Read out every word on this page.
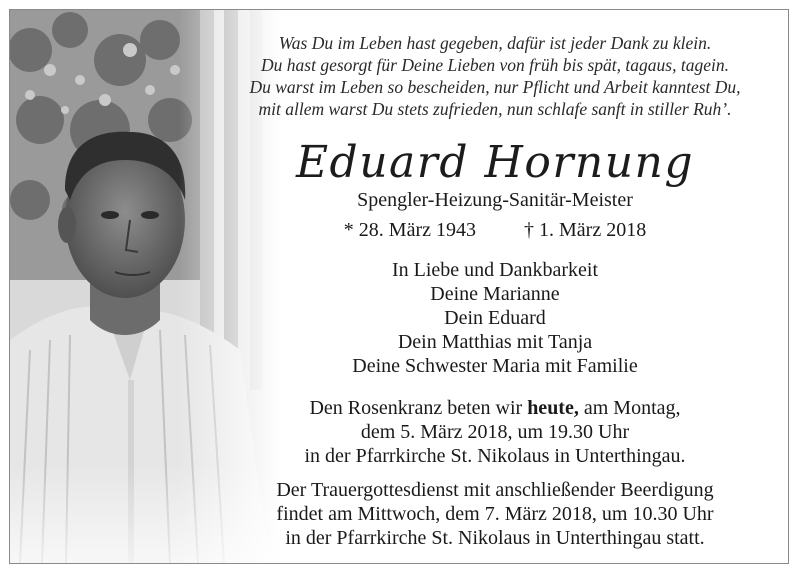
Was Du im Leben hast gegeben, dafür ist jeder Dank zu klein.
Du hast gesorgt für Deine Lieben von früh bis spät, tagaus, tagein.
Du warst im Leben so bescheiden, nur Pflicht und Arbeit kanntest Du,
mit allem warst Du stets zufrieden, nun schlafe sanft in stiller Ruh’.
Eduard Hornung
Spengler-Heizung-Sanitär-Meister
* 28. März 1943 † 1. März 2018
In Liebe und Dankbarkeit
Deine Marianne
Dein Eduard
Dein Matthias mit Tanja
Deine Schwester Maria mit Familie
Den Rosenkranz beten wir heute, am Montag,
dem 5. März 2018, um 19.30 Uhr
in der Pfarrkirche St. Nikolaus in Unterthingau.
Der Trauergottesdienst mit anschließender Beerdigung
findet am Mittwoch, dem 7. März 2018, um 10.30 Uhr
in der Pfarrkirche St. Nikolaus in Unterthingau statt.
